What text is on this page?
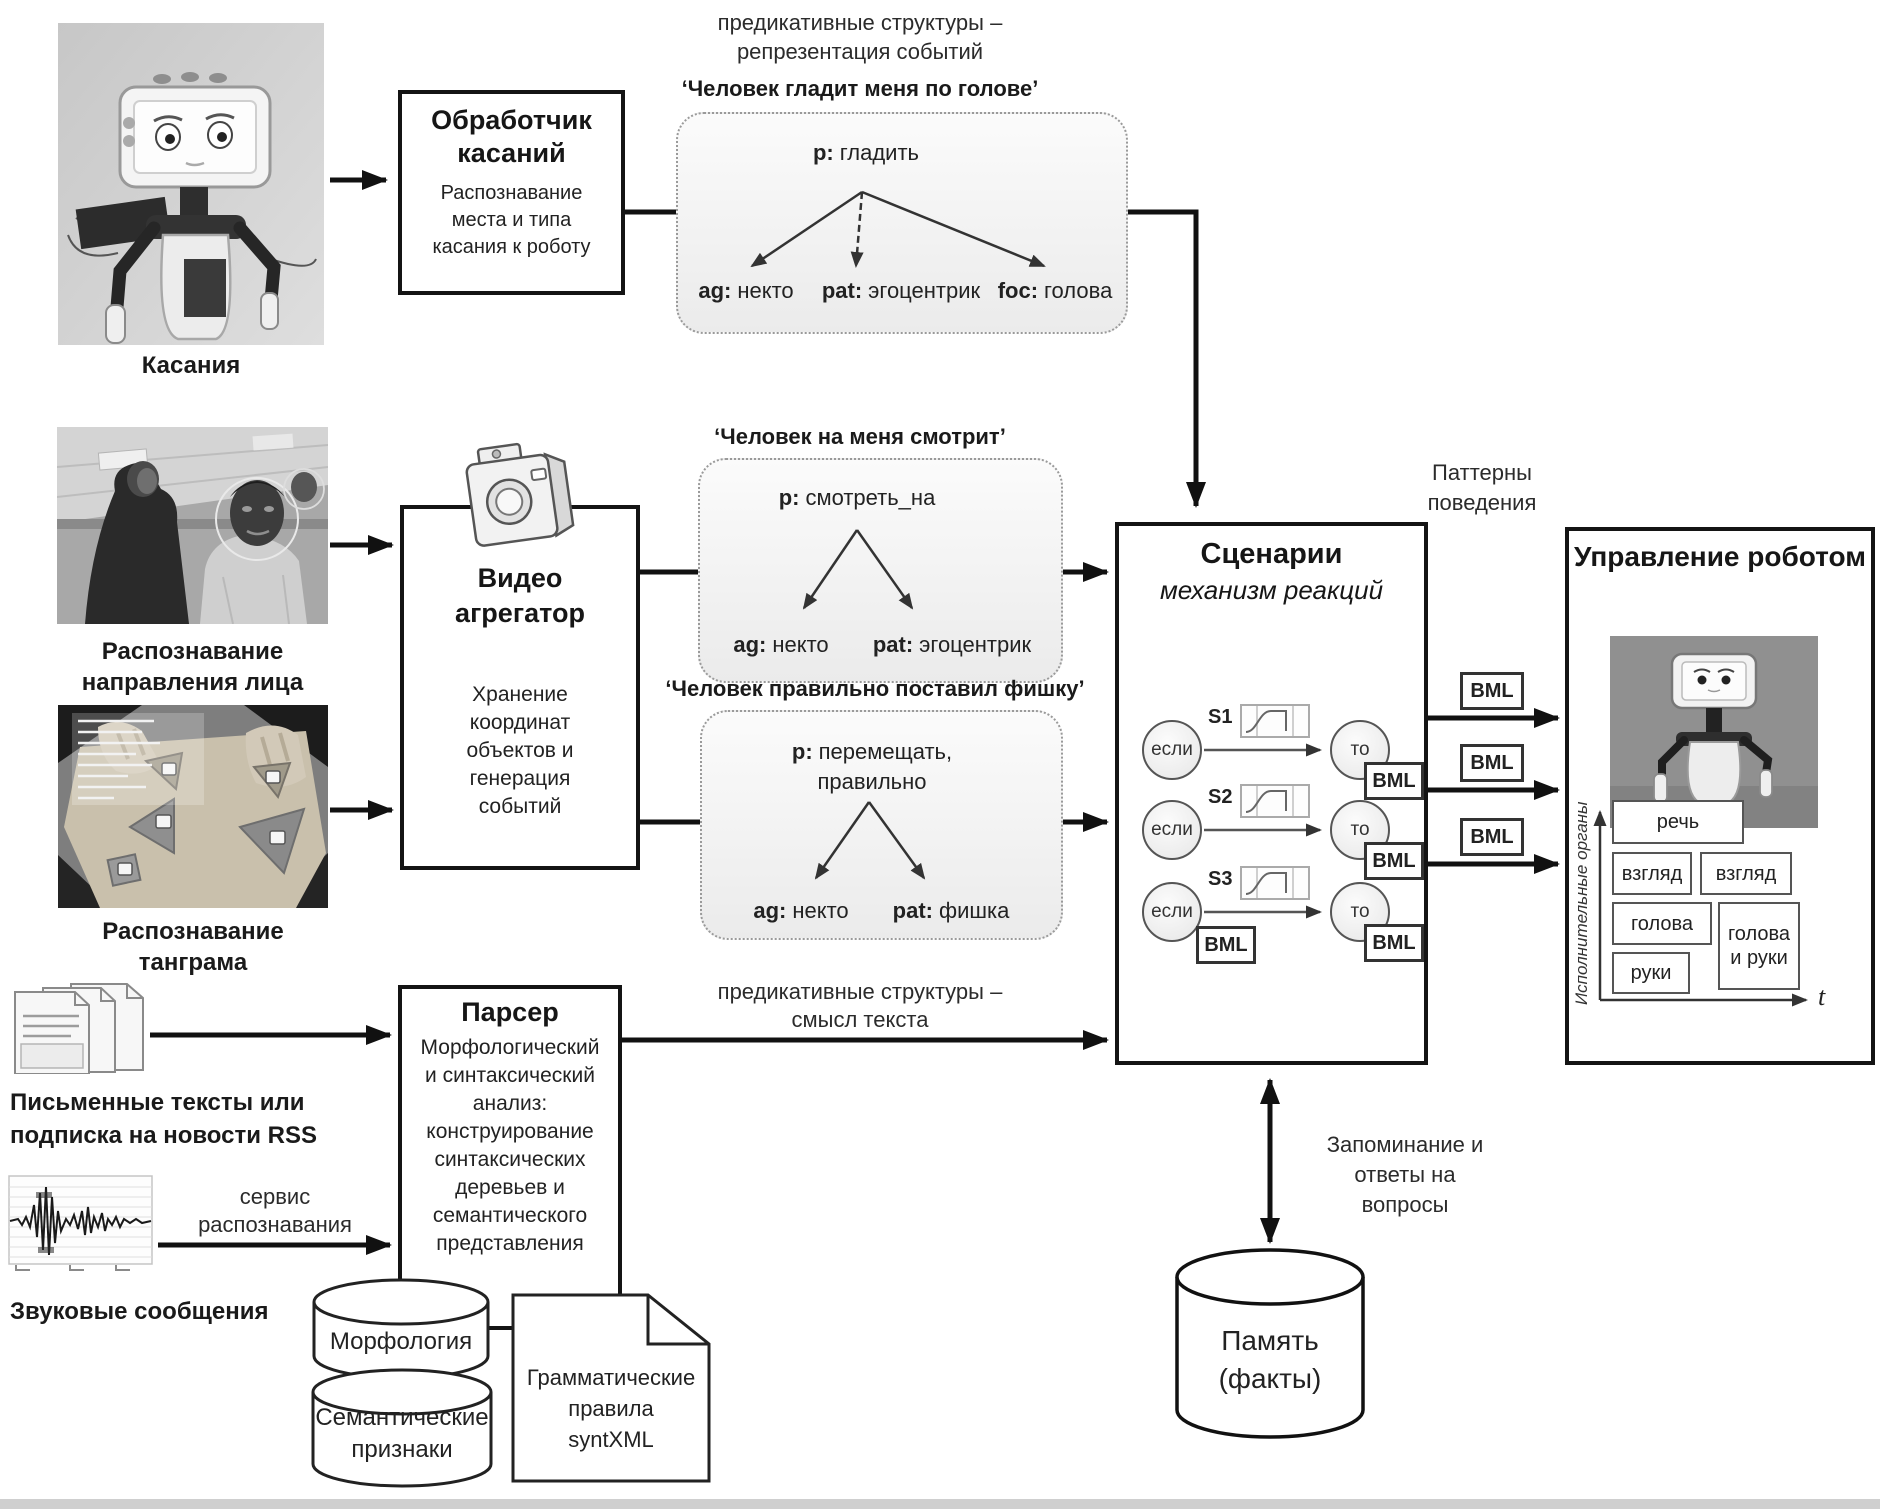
Касания
Распознавание
направления лица
Распознавание
танграма
Письменные тексты или
подписка на новости RSS
Звуковые сообщения
Обработчик
касаний
Распознавание
места и типа
касания к роботу
предикативные структуры –
репрезентация событий
‘Человек гладит меня по голове’
p: гладить
ag: некто	pat: эгоцентрик foc: голова
Видео
агрегатор
Хранение
координат
объектов и
генерация
событий
‘Человек на меня смотрит’
p: смотреть_на
ag: некто	pat: эгоцентрик
‘Человек правильно поставил фишку’
p: перемещать,
правильно
ag: некто	pat: фишка
Сценарии
механизм реакций
если
S1
то
BML
если
S2
то
BML
если
S3
BML
то
BML
Паттерны
поведения
BML
BML
BML
Управление роботом
Исполнительные органы	речь
взгляд взгляд
голова голова и руки
руки
t
Парсер
Морфологический
и синтаксический
анализ:
конструирование
синтаксических
деревьев и
семантического
представления
предикативные структуры –
смысл текста
сервис
распознавания
Морфология
Семантические
признаки
Грамматические
правила
syntXML
Запоминание и
ответы на
вопросы
Память
(факты)
